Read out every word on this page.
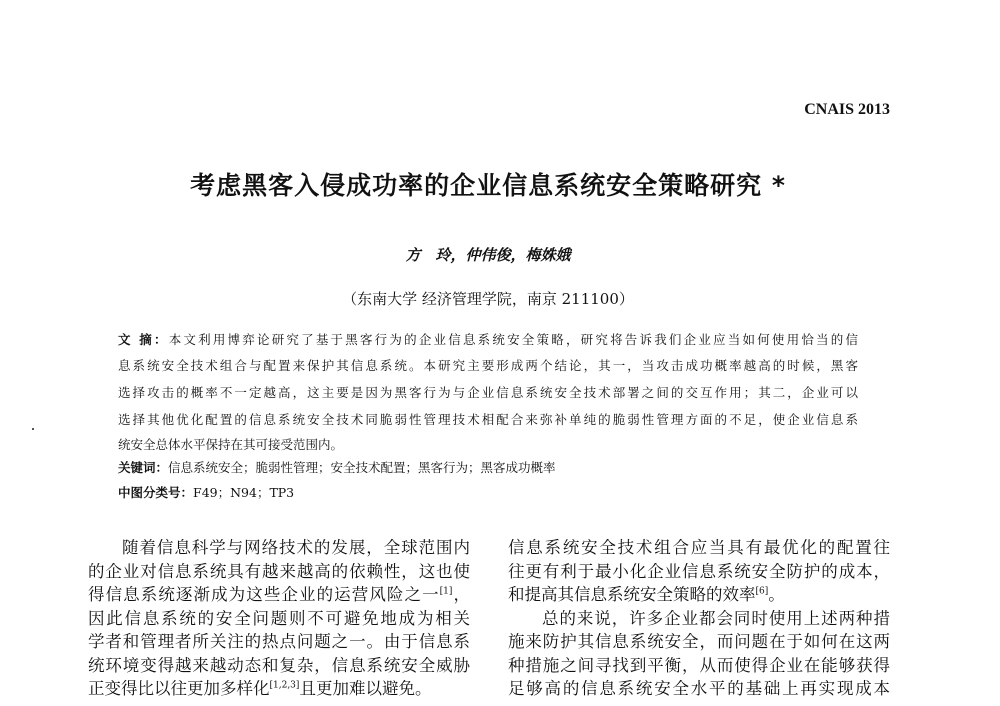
CNAIS 2013
考虑黑客入侵成功率的企业信息系统安全策略研究 *
方　玲，仲伟俊，梅姝娥
（东南大学 经济管理学院，南京 211100）
文 摘：本文利用博弈论研究了基于黑客行为的企业信息系统安全策略，研究将告诉我们企业应当如何使用恰当的信
息系统安全技术组合与配置来保护其信息系统。本研究主要形成两个结论，其一，当攻击成功概率越高的时候，黑客
选择攻击的概率不一定越高，这主要是因为黑客行为与企业信息系统安全技术部署之间的交互作用；其二，企业可以
选择其他优化配置的信息系统安全技术同脆弱性管理技术相配合来弥补单纯的脆弱性管理方面的不足，使企业信息系
统安全总体水平保持在其可接受范围内。
关键词：信息系统安全；脆弱性管理；安全技术配置；黑客行为；黑客成功概率
中图分类号：F49；N94；TP3
随着信息科学与网络技术的发展，全球范围内
的企业对信息系统具有越来越高的依赖性，这也使
得信息系统逐渐成为这些企业的运营风险之一[1]，
因此信息系统的安全问题则不可避免地成为相关
学者和管理者所关注的热点问题之一。由于信息系
统环境变得越来越动态和复杂，信息系统安全威胁
正变得比以往更加多样化[1,2,3]且更加难以避免。
信息系统安全技术组合应当具有最优化的配置往
往更有利于最小化企业信息系统安全防护的成本，
和提高其信息系统安全策略的效率[6]。
总的来说，许多企业都会同时使用上述两种措
施来防护其信息系统安全，而问题在于如何在这两
种措施之间寻找到平衡，从而使得企业在能够获得
足够高的信息系统安全水平的基础上再实现成本
